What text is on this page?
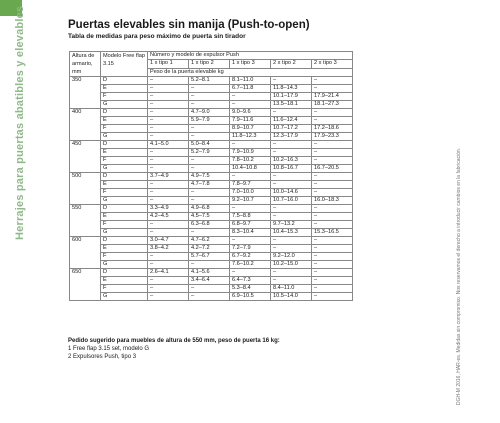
Herrajes para puertas abatibles y elevables
DGH-M 2016, HAR-es. Medidas sin compromiso. Nos reservamos el derecho a introducir cambios en la fabricación.
Puertas elevables sin manija (Push-to-open)
Tabla de medidas para peso máximo de puerta sin tirador
Altura de armario, mm	Modelo Free flap 3.15	Número y modelo de expulsor Push				
		1 x tipo 1	1 x tipo 2	1 x tipo 3	2 x tipo 2	2 x tipo 3
		Peso de la puerta elevable kg				
350	D	–	5.2–8.1	8.1–11.0	–	–
	E	–	–	6.7–11.8	11.8–14.3	–
	F	–	–	–	10.1–17.9	17.9–21.4
	G	–	–	–	13.5–18.1	18.1–27.3
400	D	–	4.7–9.0	9.0–9.6	–	–
	E	–	5.9–7.9	7.9–11.6	11.6–12.4	–
	F	–	–	8.9–10.7	10.7–17.2	17.2–18.6
	G	–	–	11.8–12.3	12.3–17.9	17.9–23.3
450	D	4.1–5.0	5.0–8.4	–	–	–
	E	–	5.2–7.9	7.9–10.9	–	–
	F	–	–	7.8–10.2	10.2–16.3	–
	G	–	–	10.4–10.8	10.8–16.7	16.7–20.5
500	D	3.7–4.9	4.9–7.5	–	–	–
	E	–	4.7–7.8	7.8–9.7	–	–
	F	–	–	7.0–10.0	10.0–14.6	–
	G	–	–	9.2–10.7	10.7–16.0	16.0–18.3
550	D	3.3–4.9	4.9–6.8	–	–	–
	E	4.2–4.5	4.5–7.5	7.5–8.8	–	–
	F	–	6.3–6.8	6.8–9.7	9.7–13.2	–
	G	–	–	8.3–10.4	10.4–15.3	15.3–16.5
600	D	3.0–4.7	4.7–6.2	–	–	–
	E	3.8–4.2	4.2–7.2	7.2–7.9	–	–
	F	–	5.7–6.7	6.7–9.2	9.2–12.0	–
	G	–	–	7.6–10.2	10.2–15.0	–
650	D	2.6–4.1	4.1–5.6	–	–	–
	E	–	3.4–6.4	6.4–7.3	–	–
	F	–	–	5.3–8.4	8.4–11.0	–
	G	–	–	6.9–10.5	10.5–14.0	–
Pedido sugerido para muebles de altura de 550 mm, peso de puerta 16 kg:
1 Free flap 3.15 set, modelo G
2 Expulsores Push, tipo 3
